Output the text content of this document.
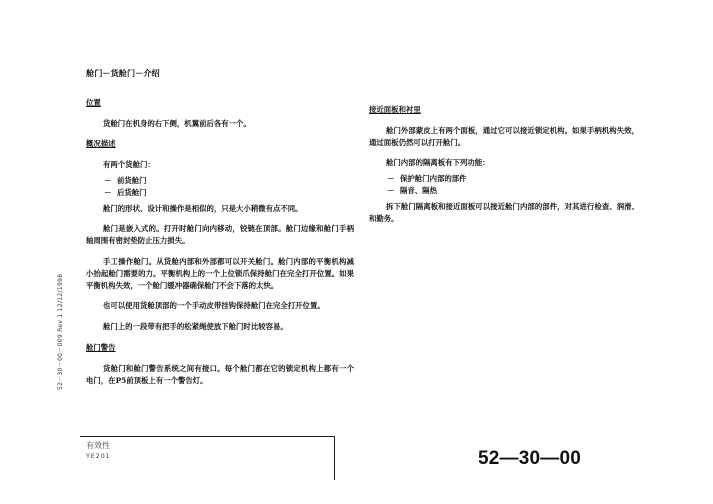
52－30－00－009 Rev 1 12/12/1998
舱门－货舱门－介绍
位置

货舱门在机身的右下侧，机翼前后各有一个。

概况描述

有两个货舱门：

－ 前货舱门
－ 后货舱门

舱门的形状、设计和操作是相似的，只是大小稍微有点不同。

舱门是嵌入式的。打开时舱门向内移动，铰链在顶部。舱门边缘和舱门手柄轴周围有密封垫防止压力损失。

手工操作舱门。从货舱内部和外部都可以开关舱门。舱门内部的平衡机构减小抬起舱门需要的力。平衡机构上的一个上位锁爪保持舱门在完全打开位置。如果平衡机构失效，一个舱门缓冲器确保舱门不会下落的太快。

也可以使用货舱顶部的一个手动皮带挂钩保持舱门在完全打开位置。

舱门上的一段带有把手的松紧绳使放下舱门时比较容易。

舱门警告

货舱门和舱门警告系统之间有接口。每个舱门都在它的锁定机构上都有一个电门，在P5前顶板上有一个警告灯。

接近面板和衬里

舱门外部蒙皮上有两个面板，通过它可以接近锁定机构。如果手柄机构失效，通过面板仍然可以打开舱门。

舱门内部的隔离板有下列功能：

－ 保护舱门内部的部件
－ 隔音、隔热

拆下舱门隔离板和接近面板可以接近舱门内部的部件，对其进行检查、润滑、和勤务。

有效性
YE201	52—30—00
